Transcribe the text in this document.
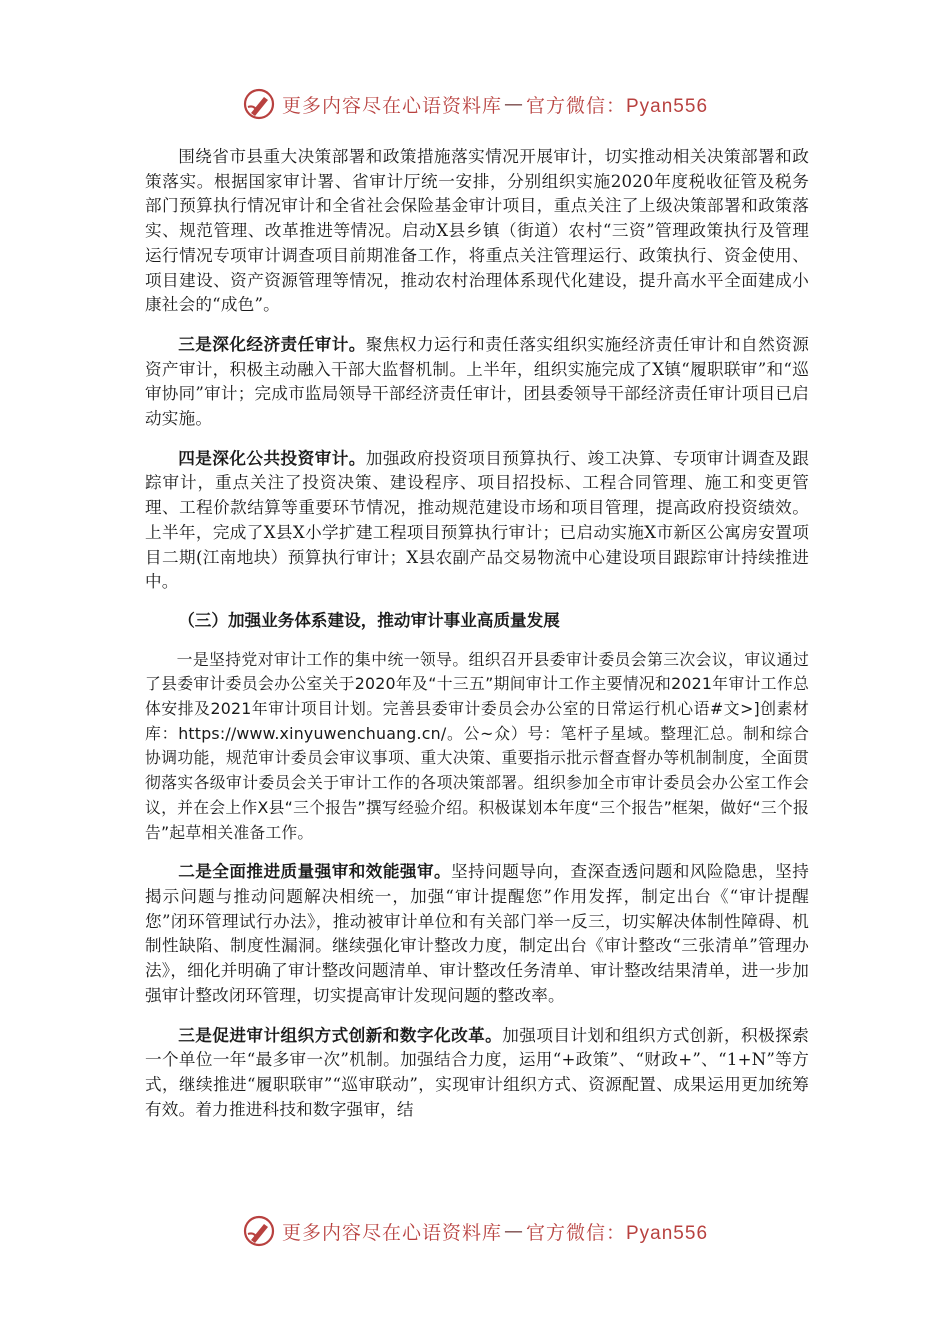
更多内容尽在心语资料库 — 官方微信：Pyan556

围绕省市县重大决策部署和政策措施落实情况开展审计，切实推动相关决策部署和政策落实。根据国家审计署、省审计厅统一安排，分别组织实施2020年度税收征管及税务部门预算执行情况审计和全省社会保险基金审计项目，重点关注了上级决策部署和政策落实、规范管理、改革推进等情况。启动X县乡镇（街道）农村“三资”管理政策执行及管理运行情况专项审计调查项目前期准备工作，将重点关注管理运行、政策执行、资金使用、项目建设、资产资源管理等情况，推动农村治理体系现代化建设，提升高水平全面建成小康社会的“成色”。

三是深化经济责任审计。聚焦权力运行和责任落实组织实施经济责任审计和自然资源资产审计，积极主动融入干部大监督机制。上半年，组织实施完成了X镇“履职联审”和“巡审协同”审计；完成市监局领导干部经济责任审计，团县委领导干部经济责任审计项目已启动实施。

四是深化公共投资审计。加强政府投资项目预算执行、竣工决算、专项审计调查及跟踪审计，重点关注了投资决策、建设程序、项目招投标、工程合同管理、施工和变更管理、工程价款结算等重要环节情况，推动规范建设市场和项目管理，提高政府投资绩效。上半年，完成了X县X小学扩建工程项目预算执行审计；已启动实施X市新区公寓房安置项目二期(江南地块）预算执行审计；X县农副产品交易物流中心建设项目跟踪审计持续推进中。

（三）加强业务体系建设，推动审计事业高质量发展

一是坚持党对审计工作的集中统一领导。组织召开县委审计委员会第三次会议，审议通过了县委审计委员会办公室关于2020年及“十三五”期间审计工作主要情况和2021年审计工作总体安排及2021年审计项目计划。完善县委审计委员会办公室的日常运行机心语#文>]创素材库：https://www.xinyuwenchuang.cn/。公~众）号：笔杆子星域。整理汇总。制和综合协调功能，规范审计委员会审议事项、重大决策、重要指示批示督查督办等机制制度，全面贯彻落实各级审计委员会关于审计工作的各项决策部署。组织参加全市审计委员会办公室工作会议，并在会上作X县“三个报告”撰写经验介绍。积极谋划本年度“三个报告”框架，做好“三个报告”起草相关准备工作。

二是全面推进质量强审和效能强审。坚持问题导向，查深查透问题和风险隐患，坚持揭示问题与推动问题解决相统一，加强“审计提醒您”作用发挥，制定出台《“审计提醒您”闭环管理试行办法》，推动被审计单位和有关部门举一反三，切实解决体制性障碍、机制性缺陷、制度性漏洞。继续强化审计整改力度，制定出台《审计整改“三张清单”管理办法》，细化并明确了审计整改问题清单、审计整改任务清单、审计整改结果清单，进一步加强审计整改闭环管理，切实提高审计发现问题的整改率。

三是促进审计组织方式创新和数字化改革。加强项目计划和组织方式创新，积极探索一个单位一年“最多审一次”机制。加强结合力度，运用“+政策”、“财政+”、“1+N”等方式，继续推进“履职联审”“巡审联动”，实现审计组织方式、资源配置、成果运用更加统筹有效。着力推进科技和数字强审，结

更多内容尽在心语资料库 — 官方微信：Pyan556
